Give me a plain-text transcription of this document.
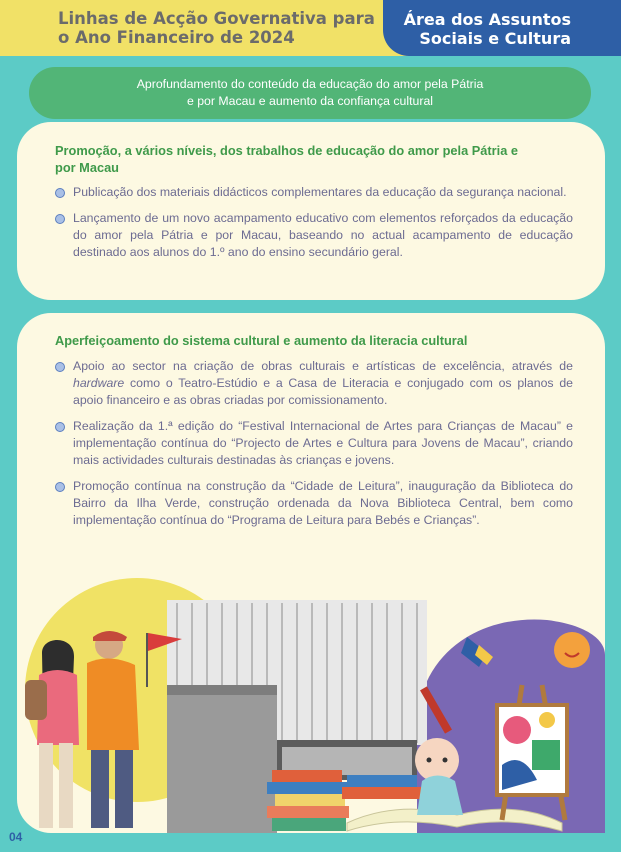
Linhas de Acção Governativa para
o Ano Financeiro de 2024
Área dos Assuntos
Sociais e Cultura
Aprofundamento do conteúdo da educação do amor pela Pátria
e por Macau e aumento da confiança cultural
Promoção, a vários níveis, dos trabalhos de educação do amor pela Pátria e por Macau
Publicação dos materiais didácticos complementares da educação da segurança nacional.
Lançamento de um novo acampamento educativo com elementos reforçados da educação do amor pela Pátria e por Macau, baseando no actual acampamento de educação destinado aos alunos do 1.º ano do ensino secundário geral.
Aperfeiçoamento do sistema cultural e aumento da literacia cultural
Apoio ao sector na criação de obras culturais e artísticas de excelência, através de hardware como o Teatro-Estúdio e a Casa de Literacia e conjugado com os planos de apoio financeiro e as obras criadas por comissionamento.
Realização da 1.ª edição do “Festival Internacional de Artes para Crianças de Macau” e implementação contínua do “Projecto de Artes e Cultura para Jovens de Macau”, criando mais actividades culturais destinadas às crianças e jovens.
Promoção contínua na construção da “Cidade de Leitura”, inauguração da Biblioteca do Bairro da Ilha Verde, construção ordenada da Nova Biblioteca Central, bem como implementação contínua do “Programa de Leitura para Bebés e Crianças”.
04
